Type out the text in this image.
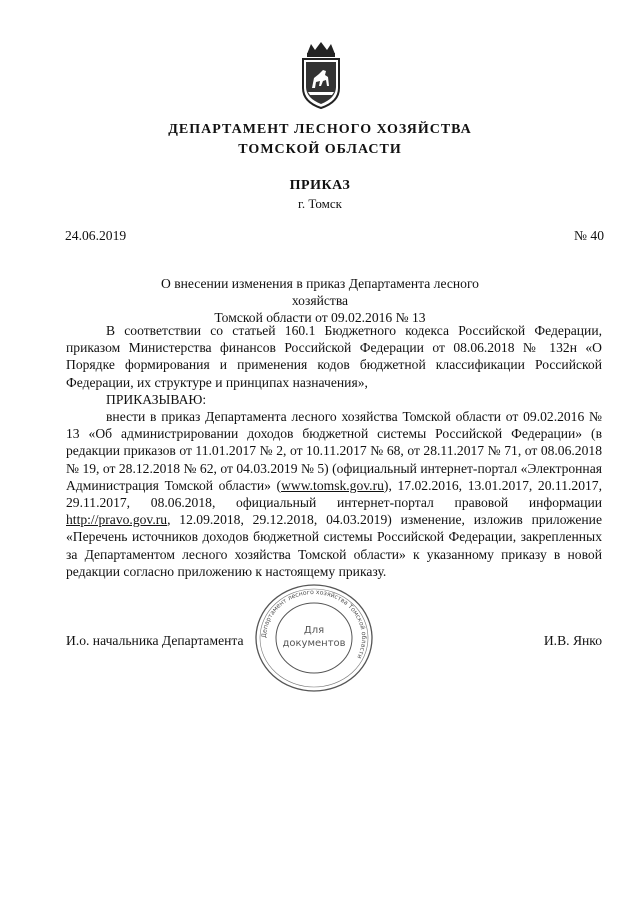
ДЕПАРТАМЕНТ ЛЕСНОГО ХОЗЯЙСТВА
ТОМСКОЙ ОБЛАСТИ
ПРИКАЗ
г. Томск
24.06.2019	№ 40
О внесении изменения в приказ Департамента лесного хозяйства
Томской области от 09.02.2016 № 13

В соответствии со статьей 160.1 Бюджетного кодекса Российской Федерации, приказом Министерства финансов Российской Федерации от 08.06.2018 № 132н «О Порядке формирования и применения кодов бюджетной классификации Российской Федерации, их структуре и принципах назначения»,

ПРИКАЗЫВАЮ:

внести в приказ Департамента лесного хозяйства Томской области от 09.02.2016 № 13 «Об администрировании доходов бюджетной системы Российской Федерации» (в редакции приказов от 11.01.2017 № 2, от 10.11.2017 № 68, от 28.11.2017 № 71, от 08.06.2018 № 19, от 28.12.2018 № 62, от 04.03.2019 № 5) (официальный интернет-портал «Электронная Администрация Томской области» (www.tomsk.gov.ru), 17.02.2016, 13.01.2017, 20.11.2017, 29.11.2017, 08.06.2018, официальный интернет-портал правовой информации http://pravo.gov.ru, 12.09.2018, 29.12.2018, 04.03.2019) изменение, изложив приложение «Перечень источников доходов бюджетной системы Российской Федерации, закрепленных за Департаментом лесного хозяйства Томской области» к указанному приказу в новой редакции согласно приложению к настоящему приказу.

И.о. начальника Департамента	Департамент лесного хозяйства Томской области
Для
документов	И.В. Янко
